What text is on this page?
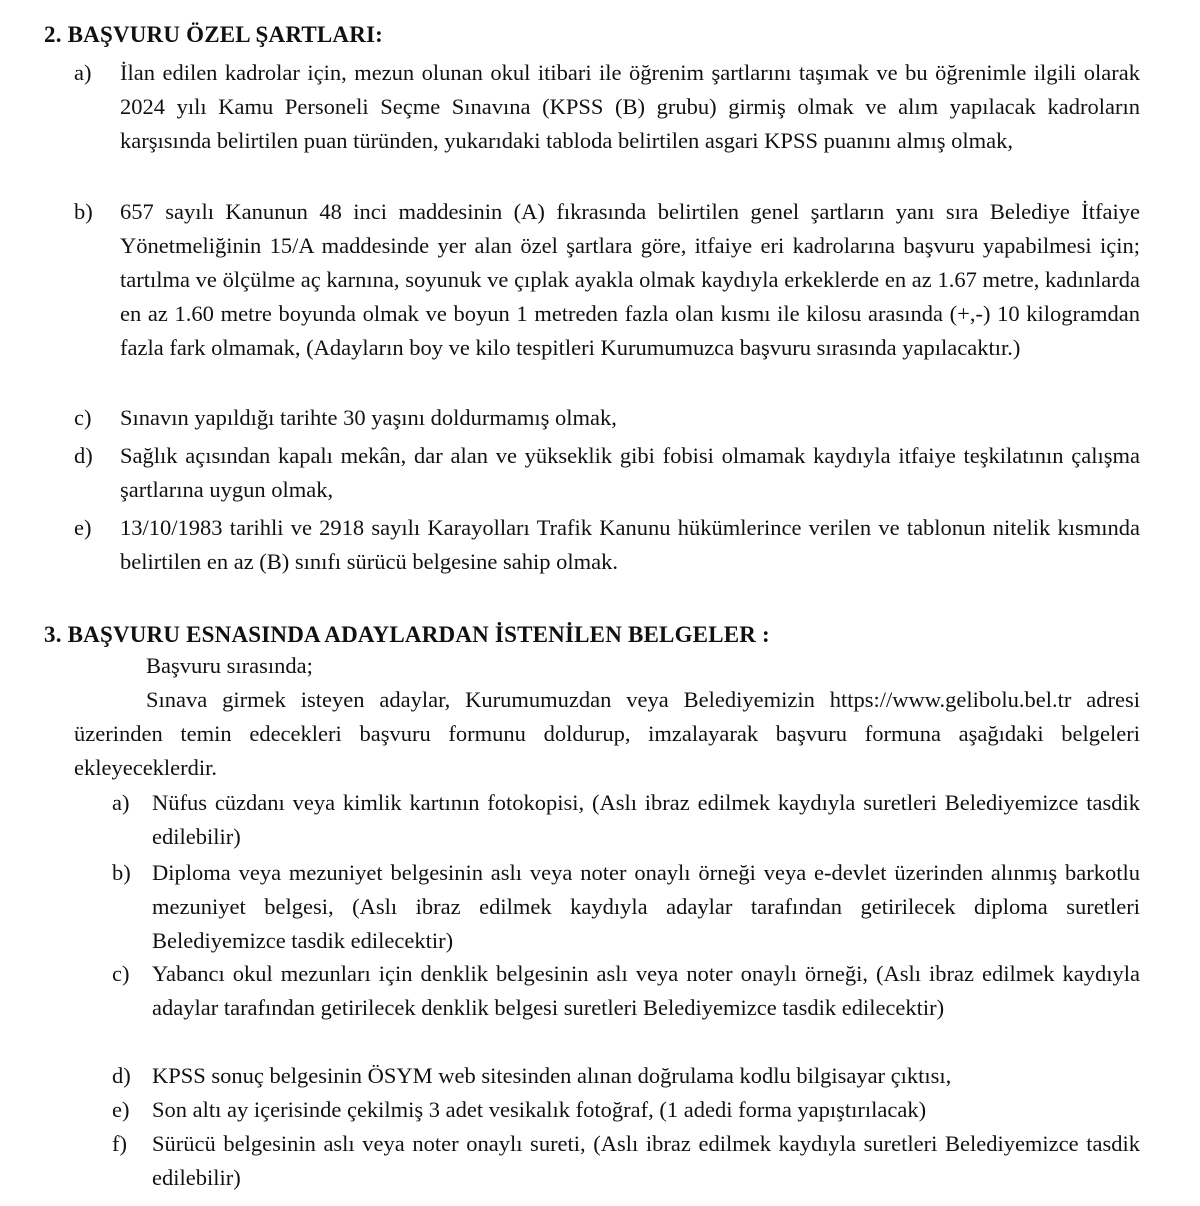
2. BAŞVURU ÖZEL ŞARTLARI:
a)	İlan edilen kadrolar için, mezun olunan okul itibari ile öğrenim şartlarını taşımak ve bu öğrenimle ilgili olarak 2024 yılı Kamu Personeli Seçme Sınavına (KPSS (B) grubu) girmiş olmak ve alım yapılacak kadroların karşısında belirtilen puan türünden, yukarıdaki tabloda belirtilen asgari KPSS puanını almış olmak,
b)	657 sayılı Kanunun 48 inci maddesinin (A) fıkrasında belirtilen genel şartların yanı sıra Belediye İtfaiye Yönetmeliğinin 15/A maddesinde yer alan özel şartlara göre, itfaiye eri kadrolarına başvuru yapabilmesi için; tartılma ve ölçülme aç karnına, soyunuk ve çıplak ayakla olmak kaydıyla erkeklerde en az 1.67 metre, kadınlarda en az 1.60 metre boyunda olmak ve boyun 1 metreden fazla olan kısmı ile kilosu arasında (+,-) 10 kilogramdan fazla fark olmamak, (Adayların boy ve kilo tespitleri Kurumumuzca başvuru sırasında yapılacaktır.)
c)	Sınavın yapıldığı tarihte 30 yaşını doldurmamış olmak,
d)	Sağlık açısından kapalı mekân, dar alan ve yükseklik gibi fobisi olmamak kaydıyla itfaiye teşkilatının çalışma şartlarına uygun olmak,
e)	13/10/1983 tarihli ve 2918 sayılı Karayolları Trafik Kanunu hükümlerince verilen ve tablonun nitelik kısmında belirtilen en az (B) sınıfı sürücü belgesine sahip olmak.
3. BAŞVURU ESNASINDA ADAYLARDAN İSTENİLEN BELGELER :
Başvuru sırasında;
Sınava girmek isteyen adaylar, Kurumumuzdan veya Belediyemizin https://www.gelibolu.bel.tr adresi üzerinden temin edecekleri başvuru formunu doldurup, imzalayarak başvuru formuna aşağıdaki belgeleri ekleyeceklerdir.
a)	Nüfus cüzdanı veya kimlik kartının fotokopisi, (Aslı ibraz edilmek kaydıyla suretleri Belediyemizce tasdik edilebilir)
b) Diploma veya mezuniyet belgesinin aslı veya noter onaylı örneği veya e-devlet üzerinden alınmış barkotlu mezuniyet belgesi, (Aslı ibraz edilmek kaydıyla adaylar tarafından getirilecek diploma suretleri Belediyemizce tasdik edilecektir)
c)	Yabancı okul mezunları için denklik belgesinin aslı veya noter onaylı örneği, (Aslı ibraz edilmek kaydıyla adaylar tarafından getirilecek denklik belgesi suretleri Belediyemizce tasdik edilecektir)
d) KPSS sonuç belgesinin ÖSYM web sitesinden alınan doğrulama kodlu bilgisayar çıktısı,
e)	Son altı ay içerisinde çekilmiş 3 adet vesikalık fotoğraf, (1 adedi forma yapıştırılacak)
f)	Sürücü belgesinin aslı veya noter onaylı sureti, (Aslı ibraz edilmek kaydıyla suretleri Belediyemizce tasdik edilebilir)
